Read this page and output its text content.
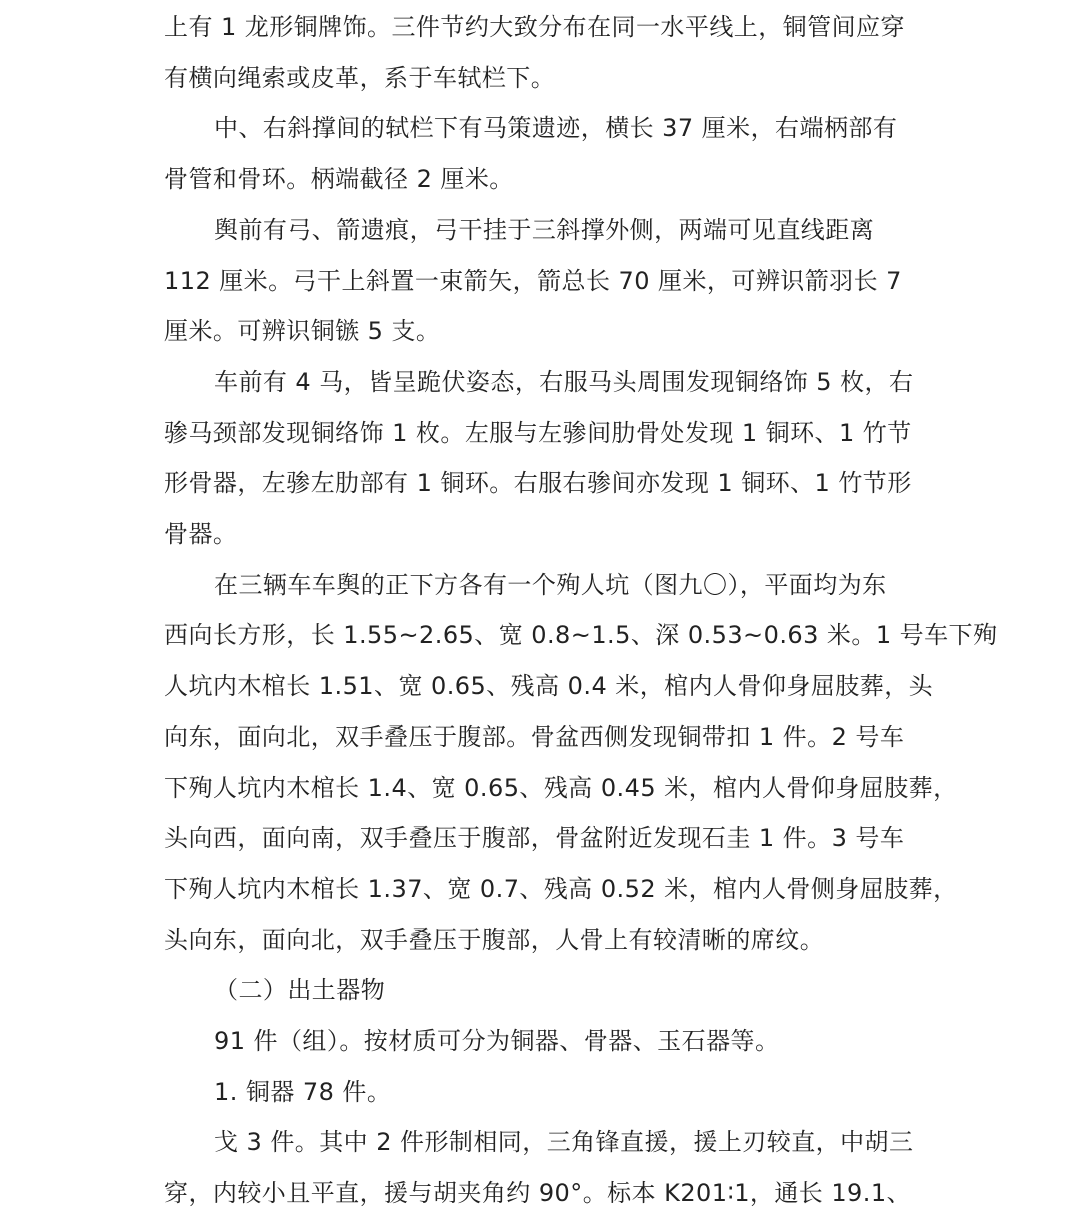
上有 1 龙形铜牌饰。三件节约大致分布在同一水平线上，铜管间应穿
有横向绳索或皮革，系于车轼栏下。

中、右斜撑间的轼栏下有马策遗迹，横长 37 厘米，右端柄部有
骨管和骨环。柄端截径 2 厘米。

舆前有弓、箭遗痕，弓干挂于三斜撑外侧，两端可见直线距离
112 厘米。弓干上斜置一束箭矢，箭总长 70 厘米，可辨识箭羽长 7
厘米。可辨识铜镞 5 支。

车前有 4 马，皆呈跪伏姿态，右服马头周围发现铜络饰 5 枚，右
骖马颈部发现铜络饰 1 枚。左服与左骖间肋骨处发现 1 铜环、1 竹节
形骨器，左骖左肋部有 1 铜环。右服右骖间亦发现 1 铜环、1 竹节形
骨器。

在三辆车车舆的正下方各有一个殉人坑（图九〇），平面均为东
西向长方形，长 1.55~2.65、宽 0.8~1.5、深 0.53~0.63 米。1 号车下殉
人坑内木棺长 1.51、宽 0.65、残高 0.4 米，棺内人骨仰身屈肢葬，头
向东，面向北，双手叠压于腹部。骨盆西侧发现铜带扣 1 件。2 号车
下殉人坑内木棺长 1.4、宽 0.65、残高 0.45 米，棺内人骨仰身屈肢葬，
头向西，面向南，双手叠压于腹部，骨盆附近发现石圭 1 件。3 号车
下殉人坑内木棺长 1.37、宽 0.7、残高 0.52 米，棺内人骨侧身屈肢葬，
头向东，面向北，双手叠压于腹部，人骨上有较清晰的席纹。

（二）出土器物

91 件（组）。按材质可分为铜器、骨器、玉石器等。

1. 铜器 78 件。

戈 3 件。其中 2 件形制相同，三角锋直援，援上刃较直，中胡三
穿，内较小且平直，援与胡夹角约 90°。标本 K201∶1，通长 19.1、
